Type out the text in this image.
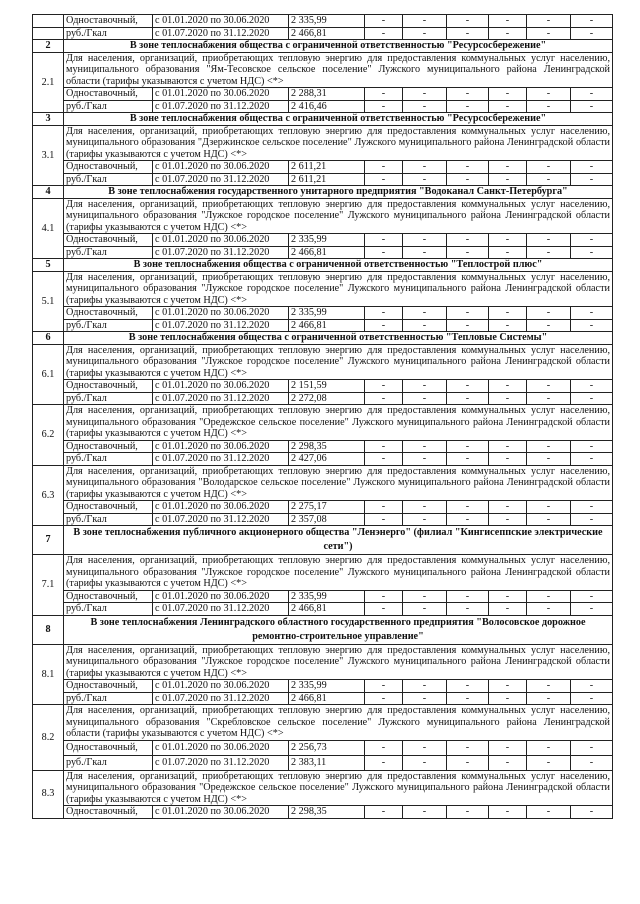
	Одноставочный,	с 01.01.2020 по 30.06.2020	2 335,99	-	-	-	-	-	-
	руб./Гкал	с 01.07.2020 по 31.12.2020	2 466,81	-	-	-	-	-	-
2	В зоне теплоснабжения общества с ограниченной ответственностью "Ресурсосбережение"								
2.1	Для населения, организаций, приобретающих тепловую энергию для предоставления коммунальных услуг населению, муниципального образования "Ям-Тесовское сельское поселение" Лужского муниципального района Ленинградской области (тарифы указываются с учетом НДС) <*>								
	Одноставочный,	с 01.01.2020 по 30.06.2020	2 288,31	-	-	-	-	-	-
	руб./Гкал	с 01.07.2020 по 31.12.2020	2 416,46	-	-	-	-	-	-
3	В зоне теплоснабжения общества с ограниченной ответственностью "Ресурсосбережение"								
3.1	Для населения, организаций, приобретающих тепловую энергию для предоставления коммунальных услуг населению, муниципального образования "Дзержинское сельское поселение" Лужского муниципального района Ленинградской области (тарифы указываются с учетом НДС) <*>								
	Одноставочный,	с 01.01.2020 по 30.06.2020	2 611,21	-	-	-	-	-	-
	руб./Гкал	с 01.07.2020 по 31.12.2020	2 611,21	-	-	-	-	-	-
4	В зоне теплоснабжения государственного унитарного предприятия "Водоканал Санкт-Петербурга"								
4.1	Для населения, организаций, приобретающих тепловую энергию для предоставления коммунальных услуг населению, муниципального образования "Лужское городское поселение" Лужского муниципального района Ленинградской области (тарифы указываются с учетом НДС) <*>								
	Одноставочный,	с 01.01.2020 по 30.06.2020	2 335,99	-	-	-	-	-	-
	руб./Гкал	с 01.07.2020 по 31.12.2020	2 466,81	-	-	-	-	-	-
5	В зоне теплоснабжения общества с ограниченной ответственностью "Теплострой плюс"								
5.1	Для населения, организаций, приобретающих тепловую энергию для предоставления коммунальных услуг населению, муниципального образования "Лужское городское поселение" Лужского муниципального района Ленинградской области (тарифы указываются с учетом НДС) <*>								
	Одноставочный,	с 01.01.2020 по 30.06.2020	2 335,99	-	-	-	-	-	-
	руб./Гкал	с 01.07.2020 по 31.12.2020	2 466,81	-	-	-	-	-	-
6	В зоне теплоснабжения общества с ограниченной ответственностью "Тепловые Системы"								
6.1	Для населения, организаций, приобретающих тепловую энергию для предоставления коммунальных услуг населению, муниципального образования "Лужское городское поселение" Лужского муниципального района Ленинградской области (тарифы указываются с учетом НДС) <*>								
	Одноставочный,	с 01.01.2020 по 30.06.2020	2 151,59	-	-	-	-	-	-
	руб./Гкал	с 01.07.2020 по 31.12.2020	2 272,08	-	-	-	-	-	-
6.2	Для населения, организаций, приобретающих тепловую энергию для предоставления коммунальных услуг населению, муниципального образования "Оредежское сельское поселение" Лужского муниципального района Ленинградской области (тарифы указываются с учетом НДС) <*>								
	Одноставочный,	с 01.01.2020 по 30.06.2020	2 298,35	-	-	-	-	-	-
	руб./Гкал	с 01.07.2020 по 31.12.2020	2 427,06	-	-	-	-	-	-
6.3	Для населения, организаций, приобретающих тепловую энергию для предоставления коммунальных услуг населению, муниципального образования "Володарское сельское поселение" Лужского муниципального района Ленинградской области (тарифы указываются с учетом НДС) <*>								
	Одноставочный,	с 01.01.2020 по 30.06.2020	2 275,17	-	-	-	-	-	-
	руб./Гкал	с 01.07.2020 по 31.12.2020	2 357,08	-	-	-	-	-	-
7	В зоне теплоснабжения публичного акционерного общества "Ленэнерго" (филиал "Кингисеппские электрические сети")								
7.1	Для населения, организаций, приобретающих тепловую энергию для предоставления коммунальных услуг населению, муниципального образования "Лужское городское поселение" Лужского муниципального района Ленинградской области (тарифы указываются с учетом НДС) <*>								
	Одноставочный,	с 01.01.2020 по 30.06.2020	2 335,99	-	-	-	-	-	-
	руб./Гкал	с 01.07.2020 по 31.12.2020	2 466,81	-	-	-	-	-	-
8	В зоне теплоснабжения Ленинградского областного государственного предприятия "Волосовское дорожное ремонтно-строительное управление"								
8.1	Для населения, организаций, приобретающих тепловую энергию для предоставления коммунальных услуг населению, муниципального образования "Лужское городское поселение" Лужского муниципального района Ленинградской области (тарифы указываются с учетом НДС) <*>								
	Одноставочный,	с 01.01.2020 по 30.06.2020	2 335,99	-	-	-	-	-	-
	руб./Гкал	с 01.07.2020 по 31.12.2020	2 466,81	-	-	-	-	-	-
8.2	Для населения, организаций, приобретающих тепловую энергию для предоставления коммунальных услуг населению, муниципального образования "Скребловское сельское поселение" Лужского муниципального района Ленинградской области (тарифы указываются с учетом НДС) <*>								
	Одноставочный,	с 01.01.2020 по 30.06.2020	2 256,73	-	-	-	-	-	-
	руб./Гкал	с 01.07.2020 по 31.12.2020	2 383,11	-	-	-	-	-	-
8.3	Для населения, организаций, приобретающих тепловую энергию для предоставления коммунальных услуг населению, муниципального образования "Оредежское сельское поселение" Лужского муниципального района Ленинградской области (тарифы указываются с учетом НДС) <*>								
	Одноставочный,	с 01.01.2020 по 30.06.2020	2 298,35	-	-	-	-	-	-
